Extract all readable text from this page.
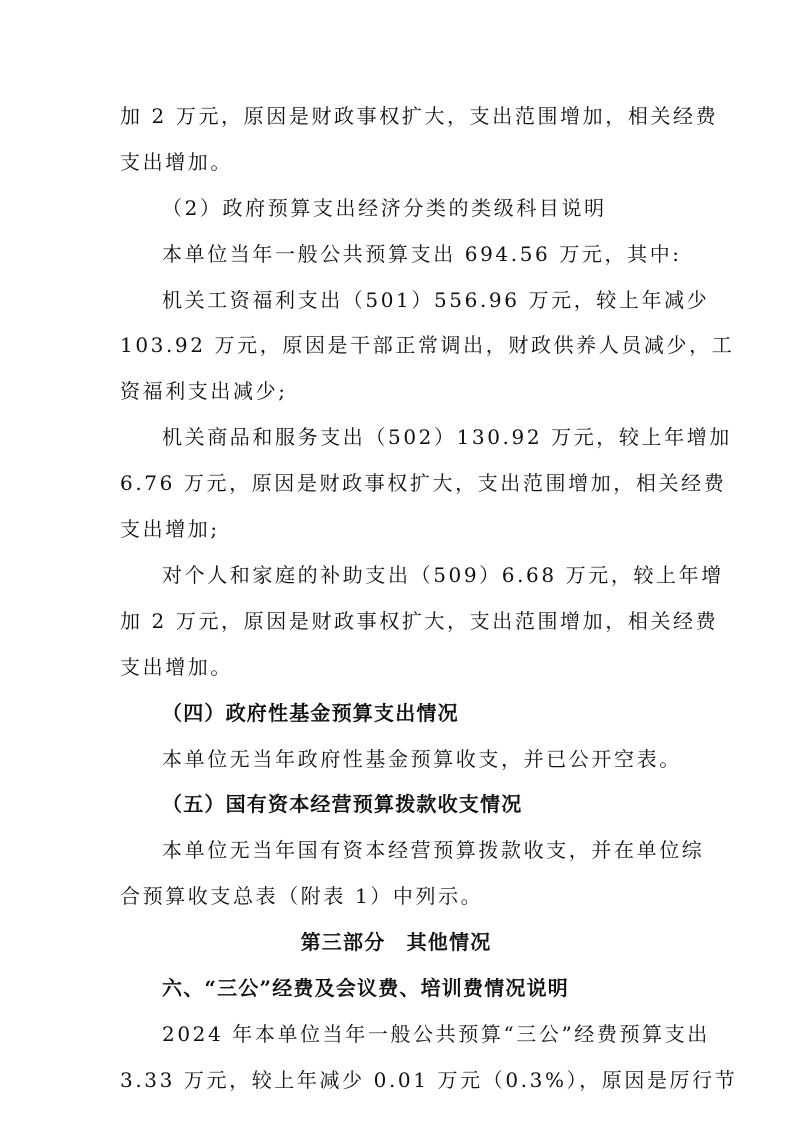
加 2 万元，原因是财政事权扩大，支出范围增加，相关经费
支出增加。
（2）政府预算支出经济分类的类级科目说明
本单位当年一般公共预算支出 694.56 万元，其中:
机关工资福利支出（501）556.96 万元，较上年减少
103.92 万元，原因是干部正常调出，财政供养人员减少，工
资福利支出减少;
机关商品和服务支出（502）130.92 万元，较上年增加
6.76 万元，原因是财政事权扩大，支出范围增加，相关经费
支出增加;
对个人和家庭的补助支出（509）6.68 万元，较上年增
加 2 万元，原因是财政事权扩大，支出范围增加，相关经费
支出增加。
（四）政府性基金预算支出情况
本单位无当年政府性基金预算收支，并已公开空表。
（五）国有资本经营预算拨款收支情况
本单位无当年国有资本经营预算拨款收支，并在单位综
合预算收支总表（附表 1）中列示。
第三部分　其他情况
六、“三公”经费及会议费、培训费情况说明
2024 年本单位当年一般公共预算“三公”经费预算支出
3.33 万元，较上年减少 0.01 万元（0.3%），原因是厉行节
